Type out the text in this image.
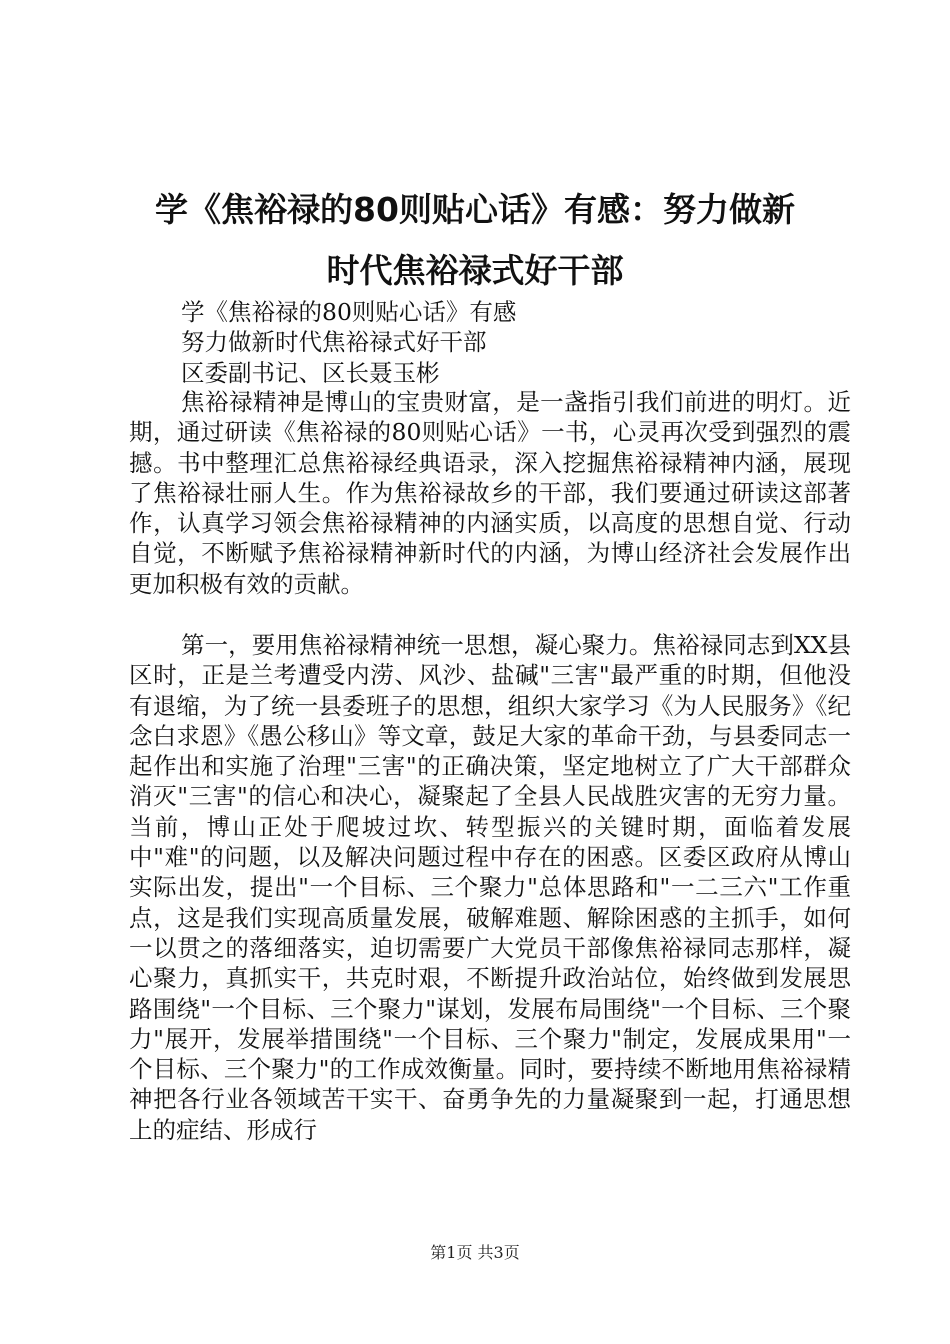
学《焦裕禄的80则贴心话》有感：努力做新
时代焦裕禄式好干部

学《焦裕禄的80则贴心话》有感

努力做新时代焦裕禄式好干部

区委副书记、区长聂玉彬

焦裕禄精神是博山的宝贵财富，是一盏指引我们前进的明灯。近期，通过研读《焦裕禄的80则贴心话》一书，心灵再次受到强烈的震撼。书中整理汇总焦裕禄经典语录，深入挖掘焦裕禄精神内涵，展现了焦裕禄壮丽人生。作为焦裕禄故乡的干部，我们要通过研读这部著作，认真学习领会焦裕禄精神的内涵实质，以高度的思想自觉、行动自觉，不断赋予焦裕禄精神新时代的内涵，为博山经济社会发展作出更加积极有效的贡献。

第一，要用焦裕禄精神统一思想，凝心聚力。焦裕禄同志到XX县区时，正是兰考遭受内涝、风沙、盐碱"三害"最严重的时期，但他没有退缩，为了统一县委班子的思想，组织大家学习《为人民服务》《纪念白求恩》《愚公移山》等文章，鼓足大家的革命干劲，与县委同志一起作出和实施了治理"三害"的正确决策，坚定地树立了广大干部群众消灭"三害"的信心和决心，凝聚起了全县人民战胜灾害的无穷力量。当前，博山正处于爬坡过坎、转型振兴的关键时期，面临着发展中"难"的问题，以及解决问题过程中存在的困惑。区委区政府从博山实际出发，提出"一个目标、三个聚力"总体思路和"一二三六"工作重点，这是我们实现高质量发展，破解难题、解除困惑的主抓手，如何一以贯之的落细落实，迫切需要广大党员干部像焦裕禄同志那样，凝心聚力，真抓实干，共克时艰，不断提升政治站位，始终做到发展思路围绕"一个目标、三个聚力"谋划，发展布局围绕"一个目标、三个聚力"展开，发展举措围绕"一个目标、三个聚力"制定，发展成果用"一个目标、三个聚力"的工作成效衡量。同时，要持续不断地用焦裕禄精神把各行业各领域苦干实干、奋勇争先的力量凝聚到一起，打通思想上的症结、形成行

第1页 共3页
